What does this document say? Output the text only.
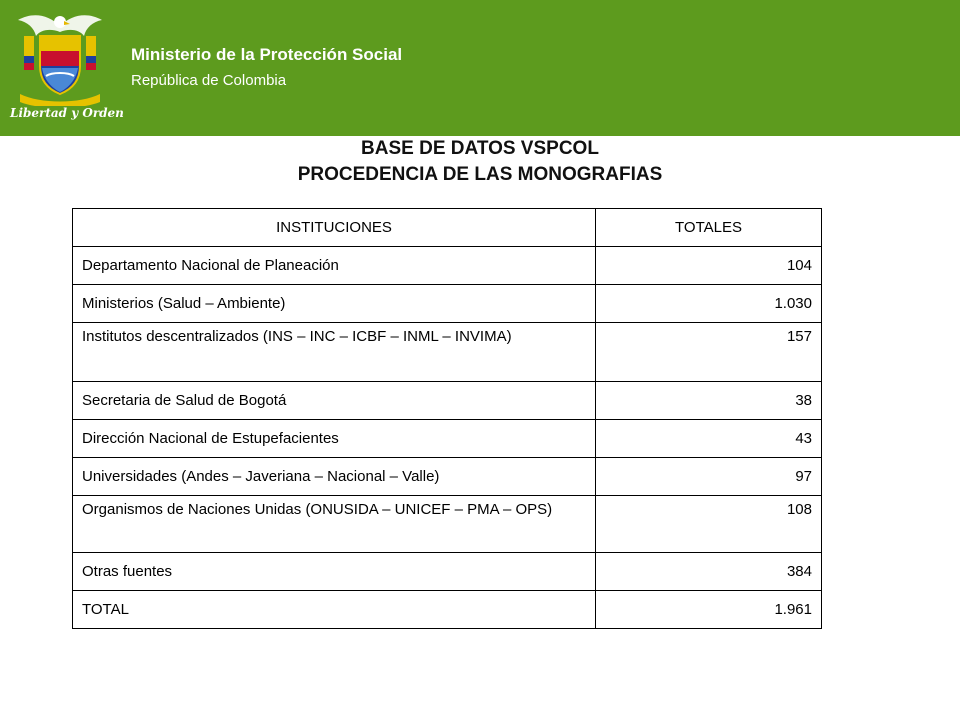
Libertad y Orden
Ministerio de la Protección Social
República de Colombia
BASE DE DATOS VSPCOL
PROCEDENCIA DE LAS MONOGRAFIAS
INSTITUCIONES	TOTALES
Departamento Nacional de Planeación	104
Ministerios (Salud – Ambiente)	1.030
Institutos descentralizados (INS – INC – ICBF – INML – INVIMA)	157
Secretaria de Salud de Bogotá	38
Dirección Nacional de Estupefacientes	43
Universidades (Andes – Javeriana – Nacional – Valle)	97
Organismos de Naciones Unidas (ONUSIDA – UNICEF – PMA – OPS)	108
Otras fuentes	384
TOTAL	1.961
